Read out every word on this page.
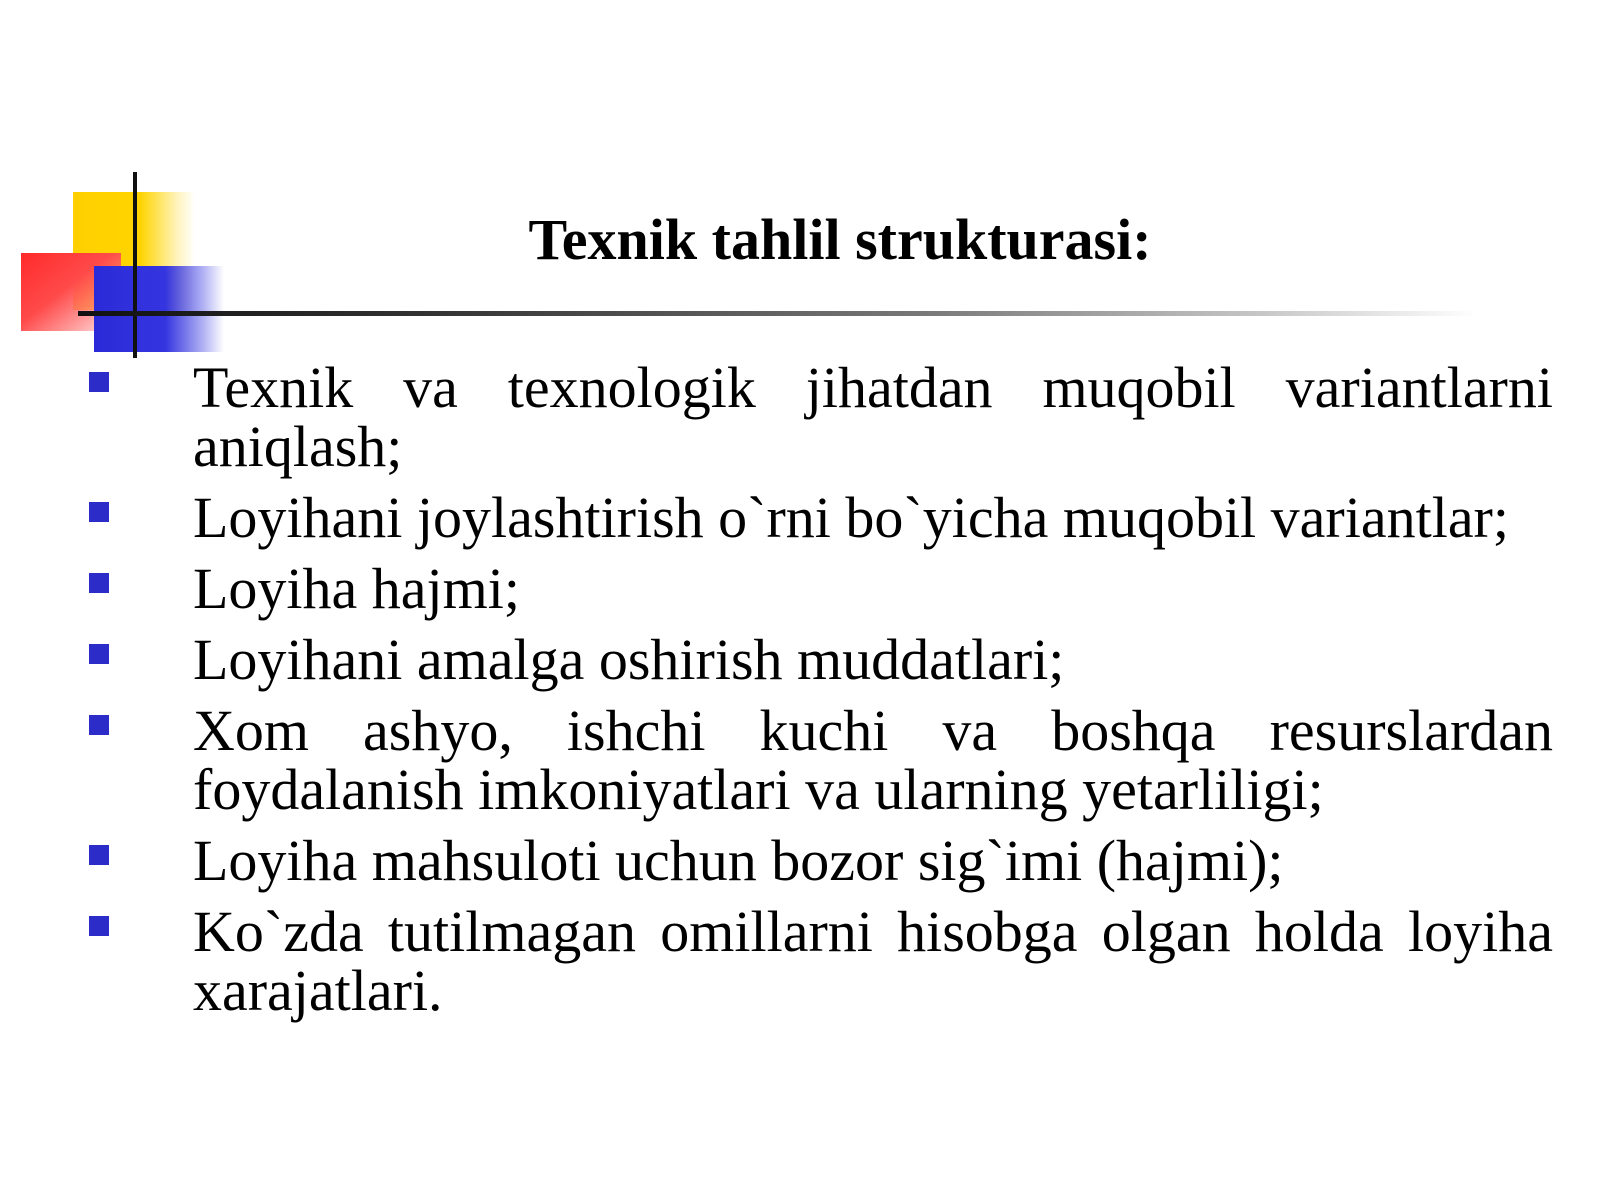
Texnik tahlil strukturasi:
Texnik va texnologik jihatdan muqobil variantlarni aniqlash;
Loyihani joylashtirish o`rni bo`yicha muqobil variantlar;
Loyiha hajmi;
Loyihani amalga oshirish muddatlari;
Xom ashyo, ishchi kuchi va boshqa resurslardan foydalanish imkoniyatlari va ularning yetarliligi;
Loyiha mahsuloti uchun bozor sig`imi (hajmi);
Ko`zda tutilmagan omillarni hisobga olgan holda loyiha xarajatlari.
